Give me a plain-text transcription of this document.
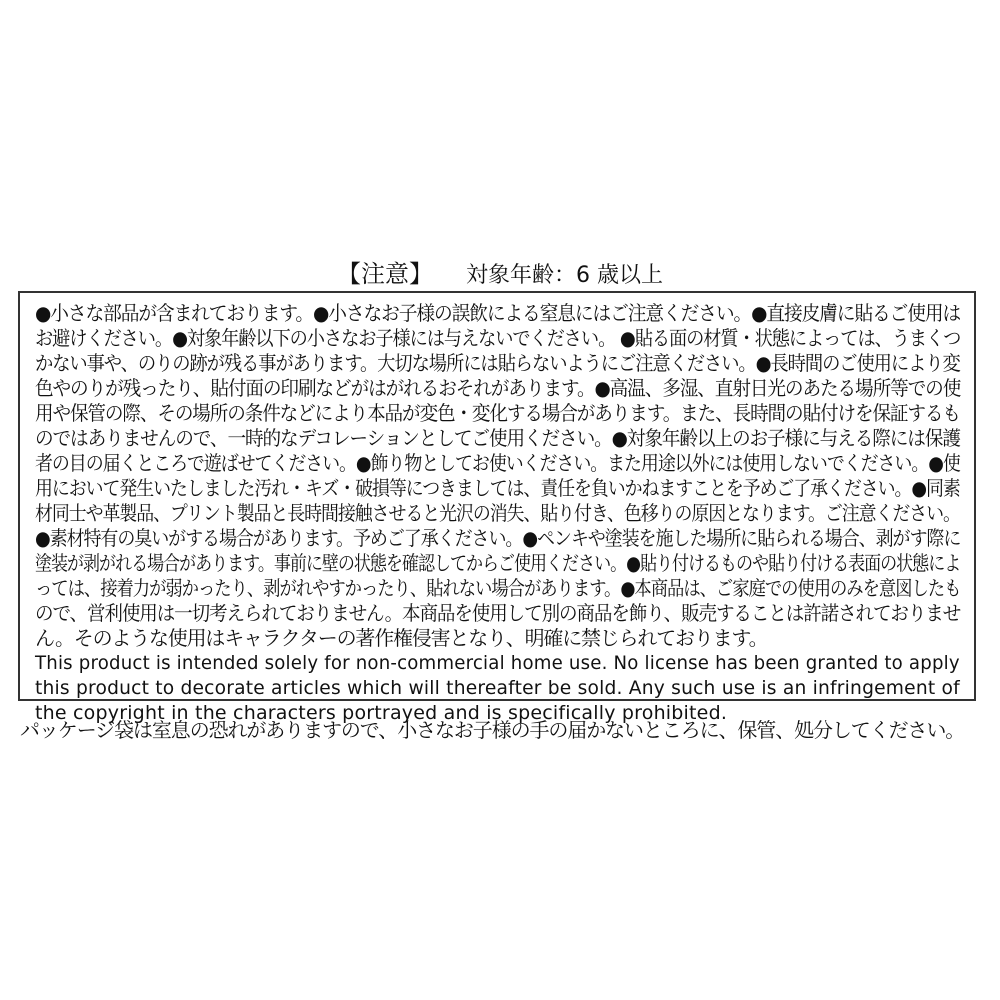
【注意】 対象年齢：6 歳以上
●小さな部品が含まれております。●小さなお子様の誤飲による窒息にはご注意ください。●直接皮膚に貼るご使用は
お避けください。●対象年齢以下の小さなお子様には与えないでください。 ●貼る面の材質・状態によっては、うまくつ
かない事や、のりの跡が残る事があります。大切な場所には貼らないようにご注意ください。●長時間のご使用により変
色やのりが残ったり、貼付面の印刷などがはがれるおそれがあります。●高温、多湿、直射日光のあたる場所等での使
用や保管の際、その場所の条件などにより本品が変色・変化する場合があります。また、長時間の貼付けを保証するも
のではありませんので、一時的なデコレーションとしてご使用ください。●対象年齢以上のお子様に与える際には保護
者の目の届くところで遊ばせてください。●飾り物としてお使いください。また用途以外には使用しないでください。●使
用において発生いたしました汚れ・キズ・破損等につきましては、責任を負いかねますことを予めご了承ください。●同素
材同士や革製品、プリント製品と長時間接触させると光沢の消失、貼り付き、色移りの原因となります。ご注意ください。
●素材特有の臭いがする場合があります。予めご了承ください。●ペンキや塗装を施した場所に貼られる場合、剥がす際に
塗装が剥がれる場合があります。事前に壁の状態を確認してからご使用ください。●貼り付けるものや貼り付ける表面の状態によ
っては、接着力が弱かったり、剥がれやすかったり、貼れない場合があります。●本商品は、ご家庭での使用のみを意図したも
ので、営利使用は一切考えられておりません。本商品を使用して別の商品を飾り、販売することは許諾されておりませ
ん。そのような使用はキャラクターの著作権侵害となり、明確に禁じられております。
This product is intended solely for non-commercial home use. No license has been granted to apply
this product to decorate articles which will thereafter be sold. Any such use is an infringement of
the copyright in the characters portrayed and is specifically prohibited.
パッケージ袋は室息の恐れがありますので、小さなお子様の手の届かないところに、保管、処分してください。
